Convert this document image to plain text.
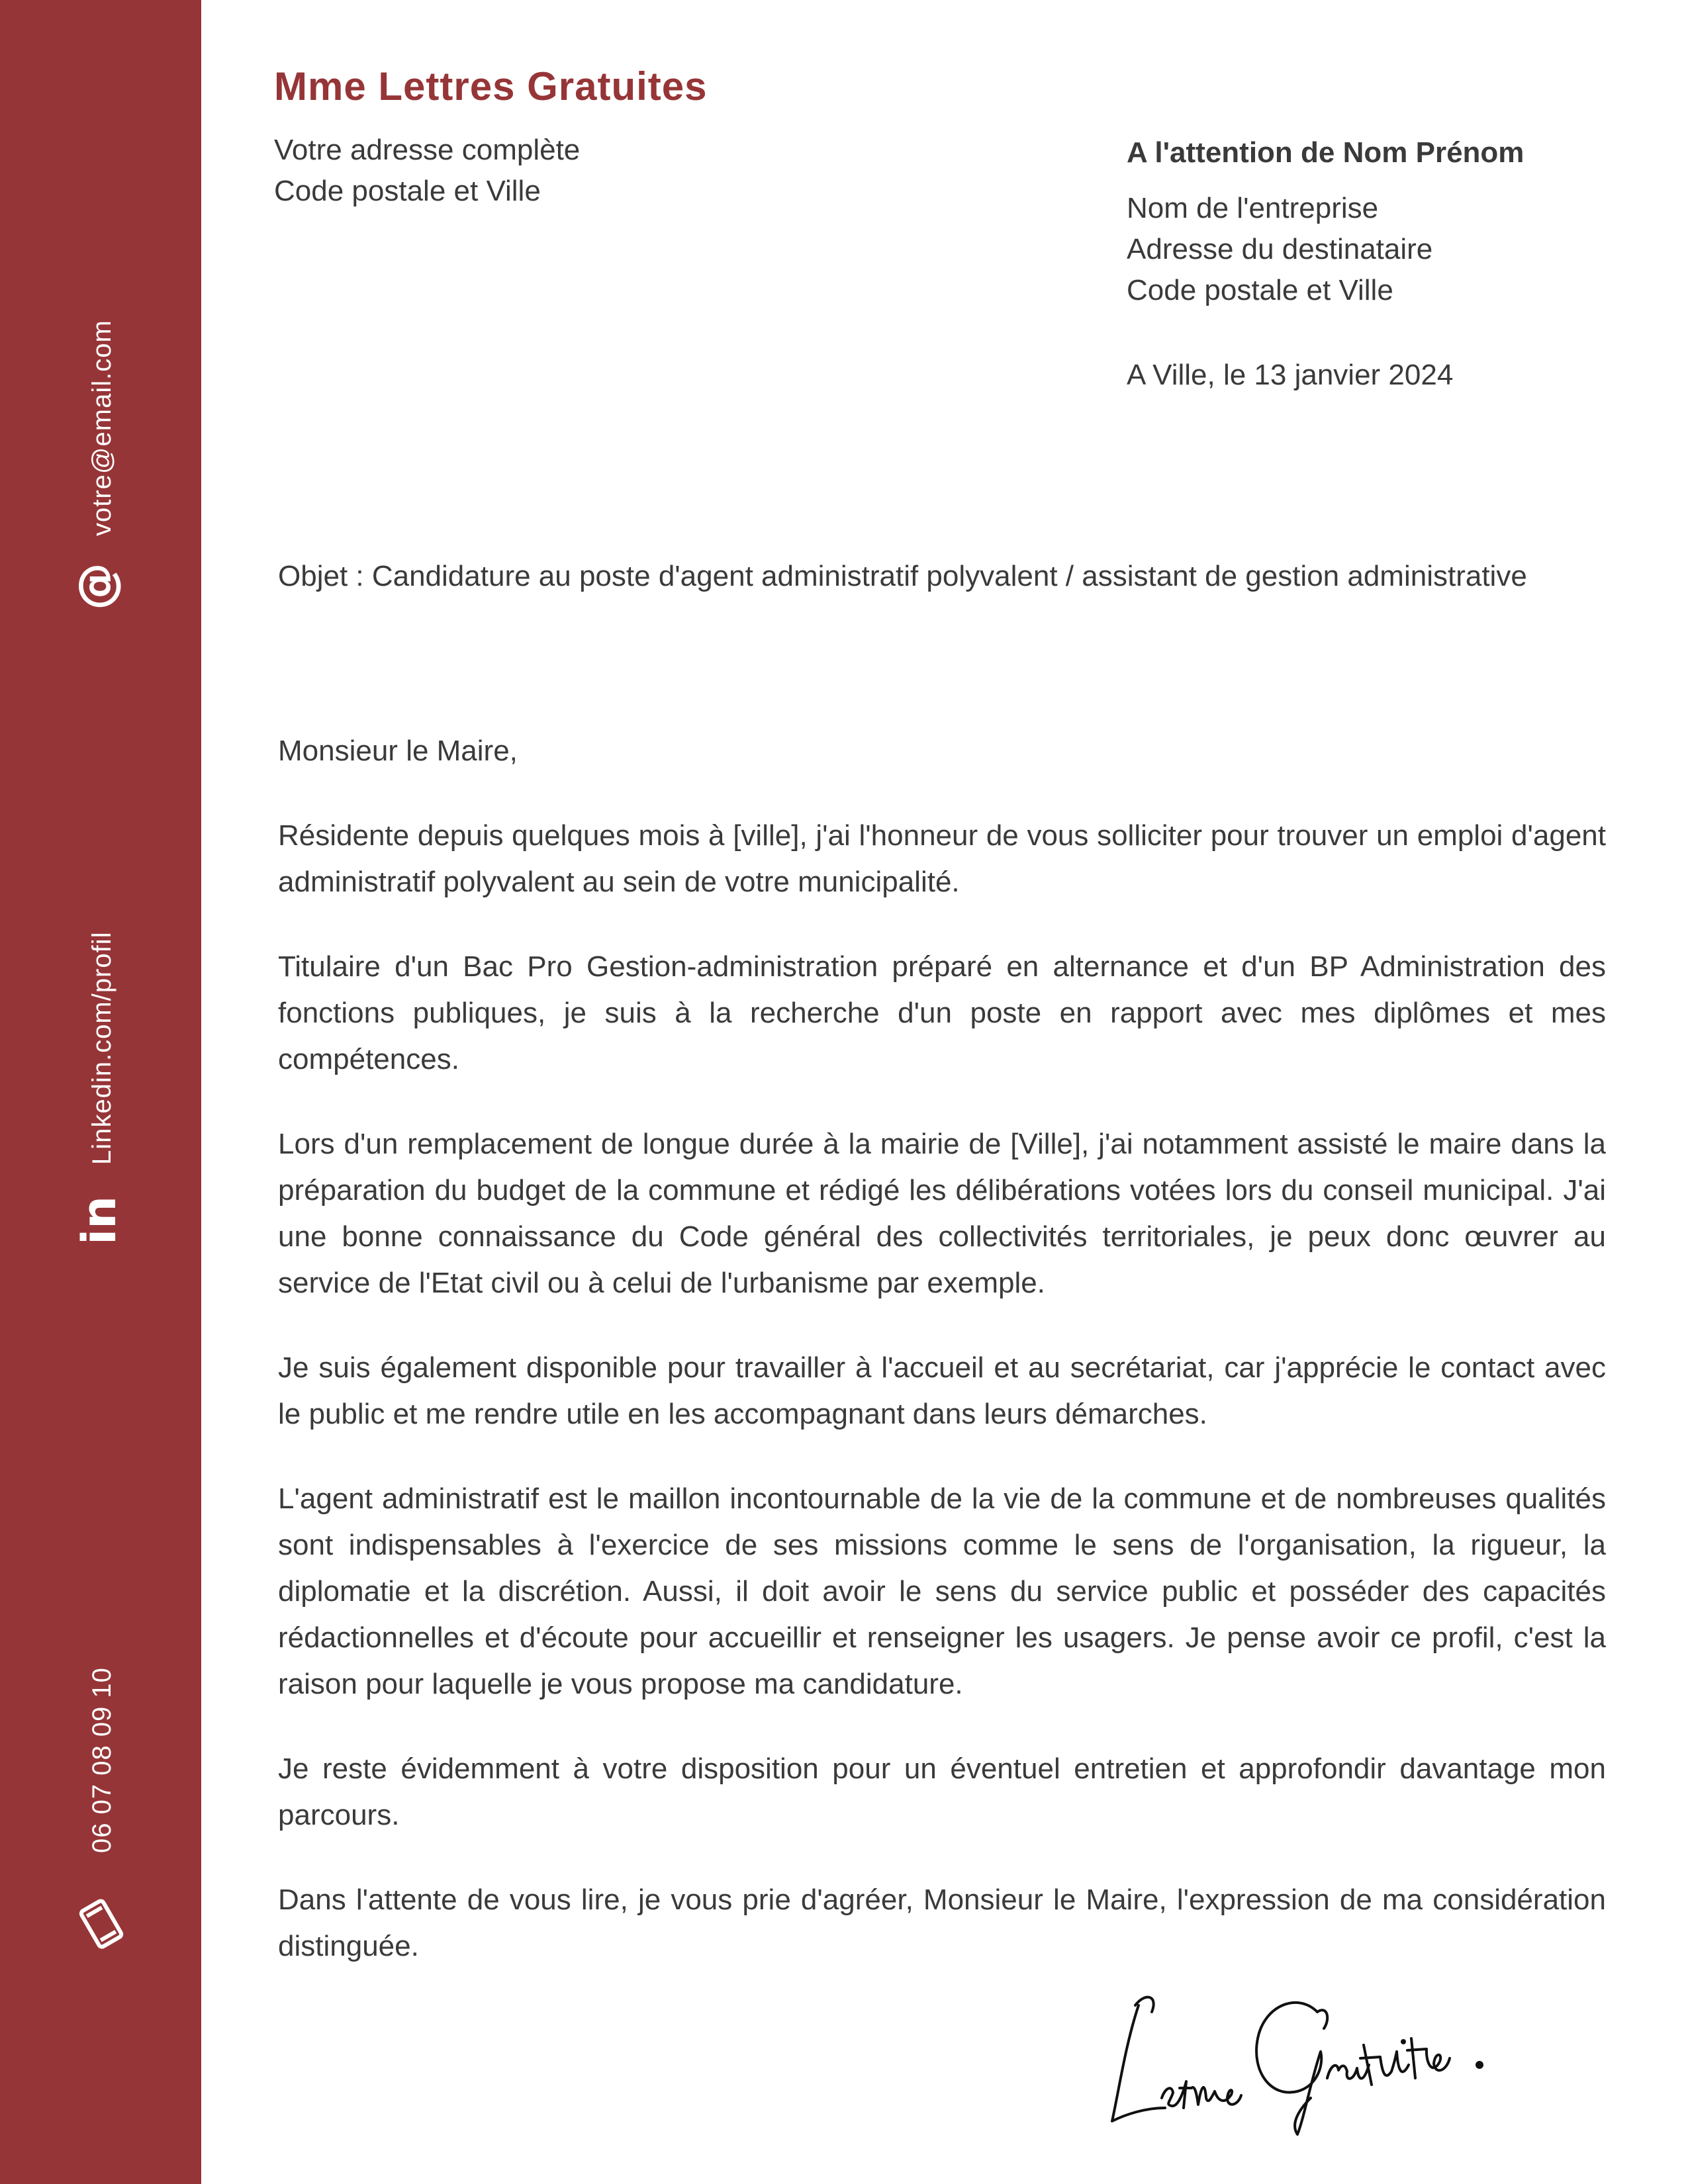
votre@email.com
@
Linkedin.com/profil
in
06 07 08 09 10
Mme Lettres Gratuites
Votre adresse complète
Code postale et Ville
A l'attention de Nom Prénom
Nom de l'entreprise
Adresse du destinataire
Code postale et Ville
A Ville, le 13 janvier 2024
Objet : Candidature au poste d'agent administratif polyvalent / assistant de gestion administrative

Monsieur le Maire,

Résidente depuis quelques mois à [ville], j'ai l'honneur de vous solliciter pour trouver un emploi d'agent administratif polyvalent au sein de votre municipalité.

Titulaire d'un Bac Pro Gestion-administration préparé en alternance et d'un BP Administration des fonctions publiques, je suis à la recherche d'un poste en rapport avec mes diplômes et mes compétences.

Lors d'un remplacement de longue durée à la mairie de [Ville], j'ai notamment assisté le maire dans la préparation du budget de la commune et rédigé les délibérations votées lors du conseil municipal. J'ai une bonne connaissance du Code général des collectivités territoriales, je peux donc œuvrer au service de l'Etat civil ou à celui de l'urbanisme par exemple.

Je suis également disponible pour travailler à l'accueil et au secrétariat, car j'apprécie le contact avec le public et me rendre utile en les accompagnant dans leurs démarches.

L'agent administratif est le maillon incontournable de la vie de la commune et de nombreuses qualités sont indispensables à l'exercice de ses missions comme le sens de l'organisation, la rigueur, la diplomatie et la discrétion. Aussi, il doit avoir le sens du service public et posséder des capacités rédactionnelles et d'écoute pour accueillir et renseigner les usagers. Je pense avoir ce profil, c'est la raison pour laquelle je vous propose ma candidature.

Je reste évidemment à votre disposition pour un éventuel entretien et approfondir davantage mon parcours.

Dans l'attente de vous lire, je vous prie d'agréer, Monsieur le Maire, l'expression de ma considération distinguée.
